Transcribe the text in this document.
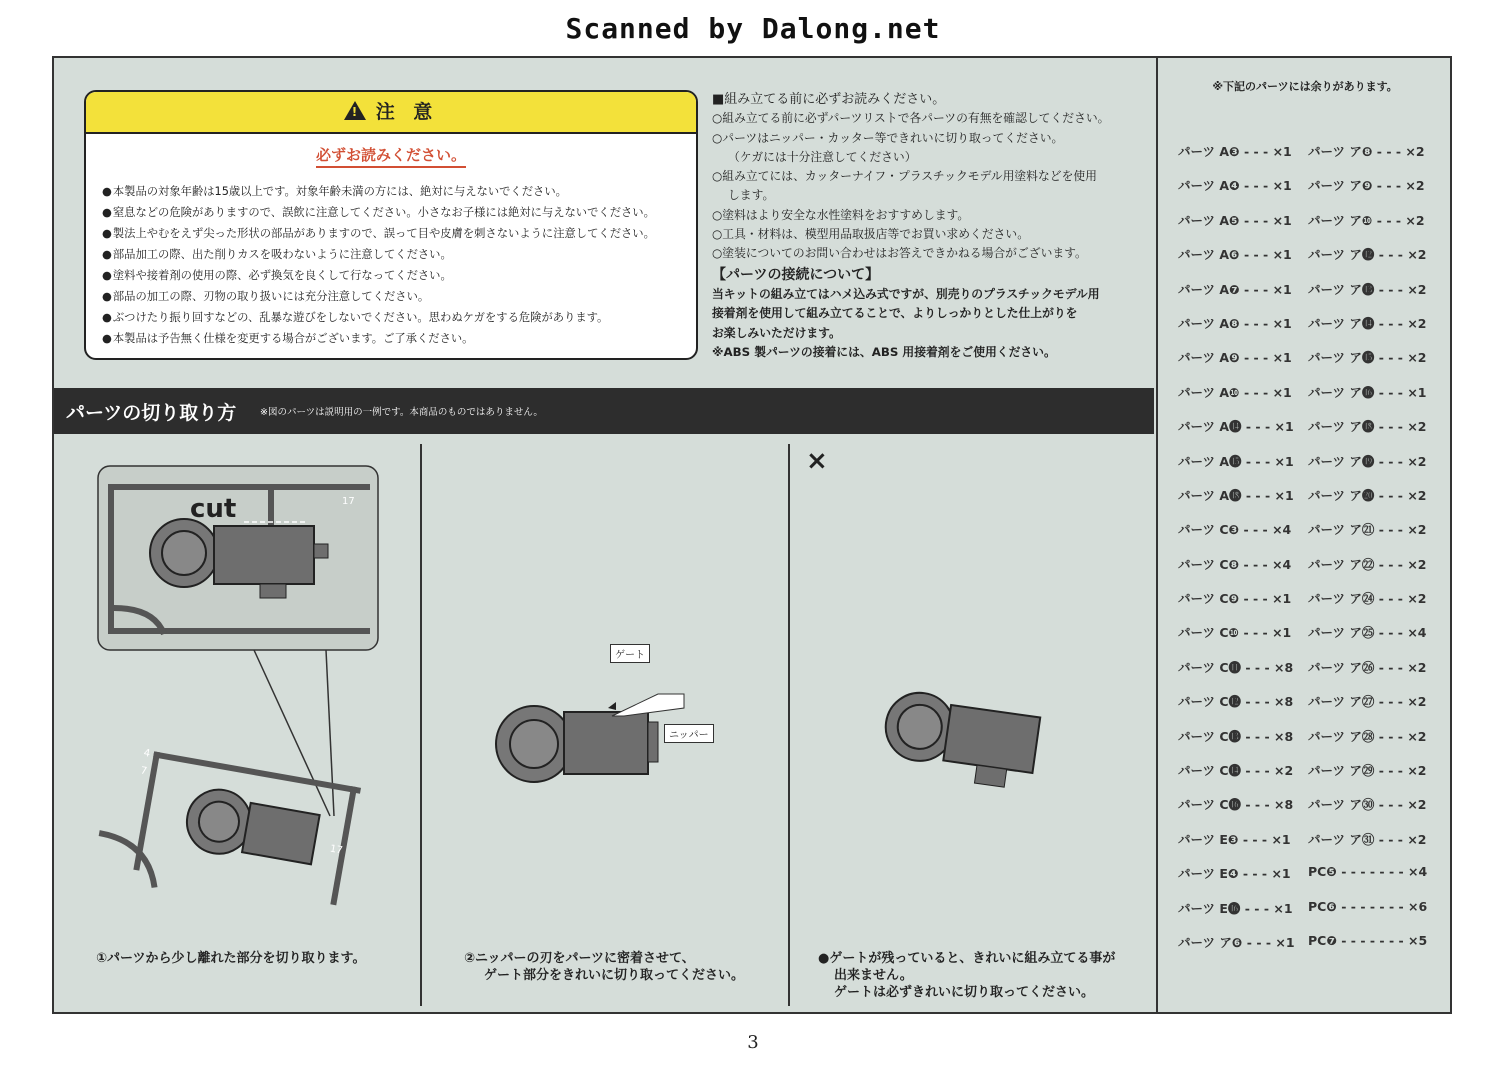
Scanned by Dalong.net
! 注 意
必ずお読みください。
● 本製品の対象年齢は15歳以上です。対象年齢未満の方には、絶対に与えないでください。
● 窒息などの危険がありますので、誤飲に注意してください。小さなお子様には絶対に与えないでください。
● 製法上やむをえず尖った形状の部品がありますので、誤って目や皮膚を刺さないように注意してください。
● 部品加工の際、出た削りカスを吸わないように注意してください。
● 塗料や接着剤の使用の際、必ず換気を良くして行なってください。
● 部品の加工の際、刃物の取り扱いには充分注意してください。
● ぶつけたり振り回すなどの、乱暴な遊びをしないでください。思わぬケガをする危険があります。
● 本製品は予告無く仕様を変更する場合がございます。ご了承ください。
■組み立てる前に必ずお読みください。
○組み立てる前に必ずパーツリストで各パーツの有無を確認してください。
○パーツはニッパー・カッター等できれいに切り取ってください。
（ケガには十分注意してください）
○組み立てには、カッターナイフ・プラスチックモデル用塗料などを使用
します。
○塗料はより安全な水性塗料をおすすめします。
○工具・材料は、模型用品取扱店等でお買い求めください。
○塗装についてのお問い合わせはお答えできかねる場合がございます。
【パーツの接続について】
当キットの組み立てはハメ込み式ですが、別売りのプラスチックモデル用
接着剤を使用して組み立てることで、よりしっかりとした仕上がりを
お楽しみいただけます。
※ABS 製パーツの接着には、ABS 用接着剤をご使用ください。
※下記のパーツには余りがあります。
パーツ A❸ - - - ×1	パーツ ア❽ - - - ×2
パーツ A❹ - - - ×1	パーツ ア❾ - - - ×2
パーツ A❺ - - - ×1	パーツ ア❿ - - - ×2
パーツ A❻ - - - ×1	パーツ ア⓬ - - - ×2
パーツ A❼ - - - ×1	パーツ ア⓭ - - - ×2
パーツ A❽ - - - ×1	パーツ ア⓮ - - - ×2
パーツ A❾ - - - ×1	パーツ ア⓯ - - - ×2
パーツ A❿ - - - ×1	パーツ ア⓰ - - - ×1
パーツ A⓮ - - - ×1	パーツ ア⓲ - - - ×2
パーツ A⓯ - - - ×1	パーツ ア⓳ - - - ×2
パーツ A⓲ - - - ×1	パーツ ア⓴ - - - ×2
パーツ C❸ - - - ×4	パーツ ア㉑ - - - ×2
パーツ C❽ - - - ×4	パーツ ア㉒ - - - ×2
パーツ C❾ - - - ×1	パーツ ア㉔ - - - ×2
パーツ C❿ - - - ×1	パーツ ア㉕ - - - ×4
パーツ C⓫ - - - ×8	パーツ ア㉖ - - - ×2
パーツ C⓬ - - - ×8	パーツ ア㉗ - - - ×2
パーツ C⓭ - - - ×8	パーツ ア㉘ - - - ×2
パーツ C⓮ - - - ×2	パーツ ア㉙ - - - ×2
パーツ C⓰ - - - ×8	パーツ ア㉚ - - - ×2
パーツ E❸ - - - ×1	パーツ ア㉛ - - - ×2
パーツ E❹ - - - ×1	PC❺ - - - - - - - ×4
パーツ E⓰ - - - ×1	PC❻ - - - - - - - ×6
パーツ ア❻ - - - ×1	PC❼ - - - - - - - ×5
パーツの切り取り方	※図のパーツは説明用の一例です。本商品のものではありません。
17
4
7
17
cut
ゲート
ニッパー
×
①パーツから少し離れた部分を切り取ります。	②ニッパーの刃をパーツに密着させて、
ゲート部分をきれいに切り取ってください。
●ゲートが残っていると、きれいに組み立てる事が
出来ません。
ゲートは必ずきれいに切り取ってください。
3
